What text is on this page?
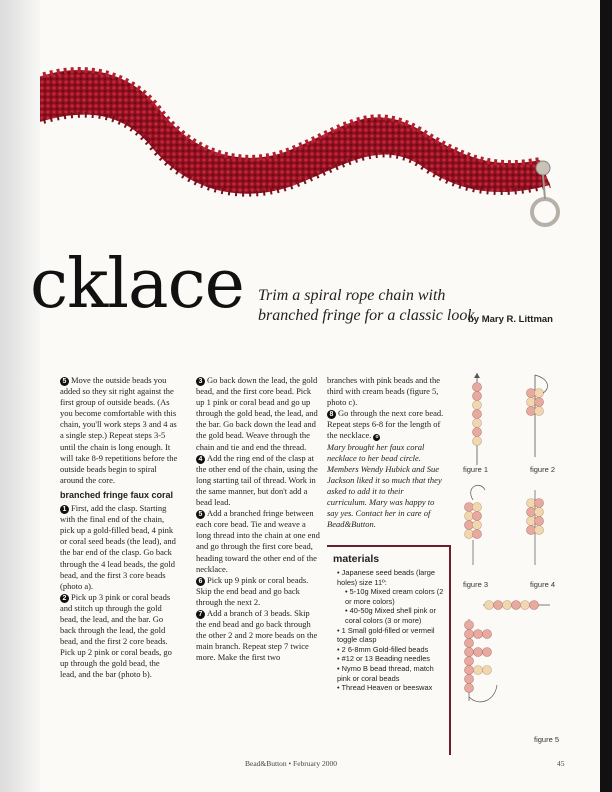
cklace Trim a spiral rope chain with branched fringe for a classic look
by Mary R. Littman

5 Move the outside beads you added so they sit right against the first group of outside beads. (As you become comfortable with this chain, you'll work steps 3 and 4 as a single step.) Repeat steps 3-5 until the chain is long enough. It will take 8-9 repetitions before the outside beads begin to spiral around the core.

branched fringe faux coral

1 First, add the clasp. Starting with the final end of the chain, pick up a gold-filled bead, 4 pink or coral seed beads (the lead), and the bar end of the clasp. Go back through the 4 lead beads, the gold bead, and the first 3 core beads (photo a).

2 Pick up 3 pink or coral beads and stitch up through the gold bead, the lead, and the bar. Go back through the lead, the gold bead, and the first 2 core beads. Pick up 2 pink or coral beads, go up through the gold bead, the lead, and the bar (photo b).

3 Go back down the lead, the gold bead, and the first core bead. Pick up 1 pink or coral bead and go up through the gold bead, the lead, and the bar. Go back down the lead and the gold bead. Weave through the chain and tie and end the thread.

4 Add the ring end of the clasp at the other end of the chain, using the long starting tail of thread. Work in the same manner, but don't add a bead lead.

5 Add a branched fringe between each core bead. Tie and weave a long thread into the chain at one end and go through the first core bead, heading toward the other end of the necklace.

6 Pick up 9 pink or coral beads. Skip the end bead and go back through the next 2.

7 Add a branch of 3 beads. Skip the end bead and go back through the other 2 and 2 more beads on the main branch. Repeat step 7 twice more. Make the first two

branches with pink beads and the third with cream beads (figure 5, photo c).

8 Go through the next core bead. Repeat steps 6-8 for the length of the necklace. o

Mary brought her faux coral necklace to her bead circle. Members Wendy Hubick and Sue Jackson liked it so much that they asked to add it to their curriculum. Mary was happy to say yes. Contact her in care of Bead&Button.

materials
• Japanese seed beads (large holes) size 11º:
• 5-10g Mixed cream colors (2 or more colors)
• 40-50g Mixed shell pink or coral colors (3 or more)
• 1 Small gold-filled or vermeil toggle clasp
• 2 6-8mm Gold-filled beads
• #12 or 13 Beading needles
• Nymo B bead thread, match pink or coral beads
• Thread Heaven or beeswax
figure 1	figure 2
figure 3	figure 4
figure 5
Bead&Button • February 2000	45
